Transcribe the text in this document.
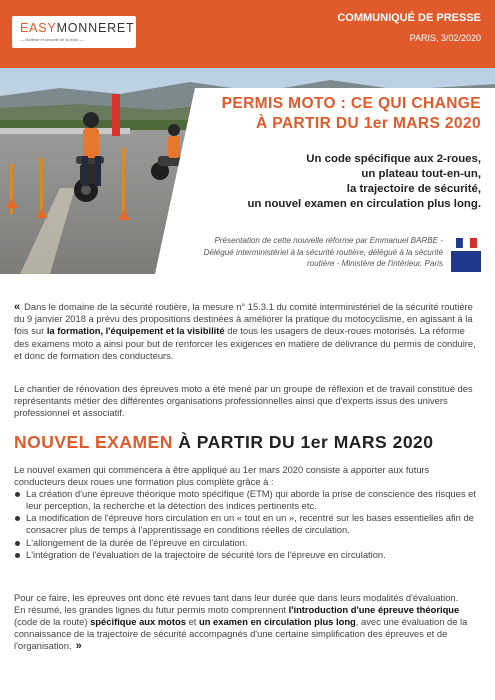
EASYMONNERET
— Maîtrise et sécurité de la moto —
COMMUNIQUÉ DE PRESSE
PARIS, 3/02/2020
PERMIS MOTO : CE QUI CHANGE
À PARTIR DU 1er MARS 2020
Un code spécifique aux 2-roues,
un plateau tout-en-un,
la trajectoire de sécurité,
un nouvel examen en circulation plus long.
Présentation de cette nouvelle réforme par Emmanuel BARBE -
Délégué interministériel à la sécurité routière, délégué à la sécurité
routière - Ministère de l'intérieur, Paris
« Dans le domaine de la sécurité routière, la mesure n° 15.3.1 du comité interministériel de la sécurité routière du 9 janvier 2018 a prévu des propositions destinées à améliorer la pratique du motocyclisme, en agissant à la fois sur la formation, l'équipement et la visibilité de tous les usagers de deux-roues motorisés. La réforme des examens moto a ainsi pour but de renforcer les exigences en matière de délivrance du permis de conduire, et donc de formation des conducteurs.
Le chantier de rénovation des épreuves moto a été mené par un groupe de réflexion et de travail constitué des représentants métier des différentes organisations professionnelles ainsi que d'experts issus des univers professionnel et associatif.
NOUVEL EXAMEN À PARTIR DU 1er MARS 2020
Le nouvel examen qui commencera à être appliqué au 1er mars 2020 consiste à apporter aux futurs conducteurs deux roues une formation plus complète grâce à :
La création d'une épreuve théorique moto spécifique (ETM) qui aborde la prise de conscience des risques et leur perception, la recherche et la détection des indices pertinents etc.
La modification de l'épreuve hors circulation en un « tout en un », recentré sur les bases essentielles afin de consacrer plus de temps à l'apprentissage en conditions réelles de circulation.
L'allongement de la durée de l'épreuve en circulation.
L'intégration de l'évaluation de la trajectoire de sécurité lors de l'épreuve en circulation.
Pour ce faire, les épreuves ont donc été revues tant dans leur durée que dans leurs modalités d'évaluation.
En résumé, les grandes lignes du futur permis moto comprennent l'introduction d'une épreuve théorique (code de la route) spécifique aux motos et un examen en circulation plus long, avec une évaluation de la connaissance de la trajectoire de sécurité accompagnés d'une certaine simplification des épreuves et de l'organisation. »
